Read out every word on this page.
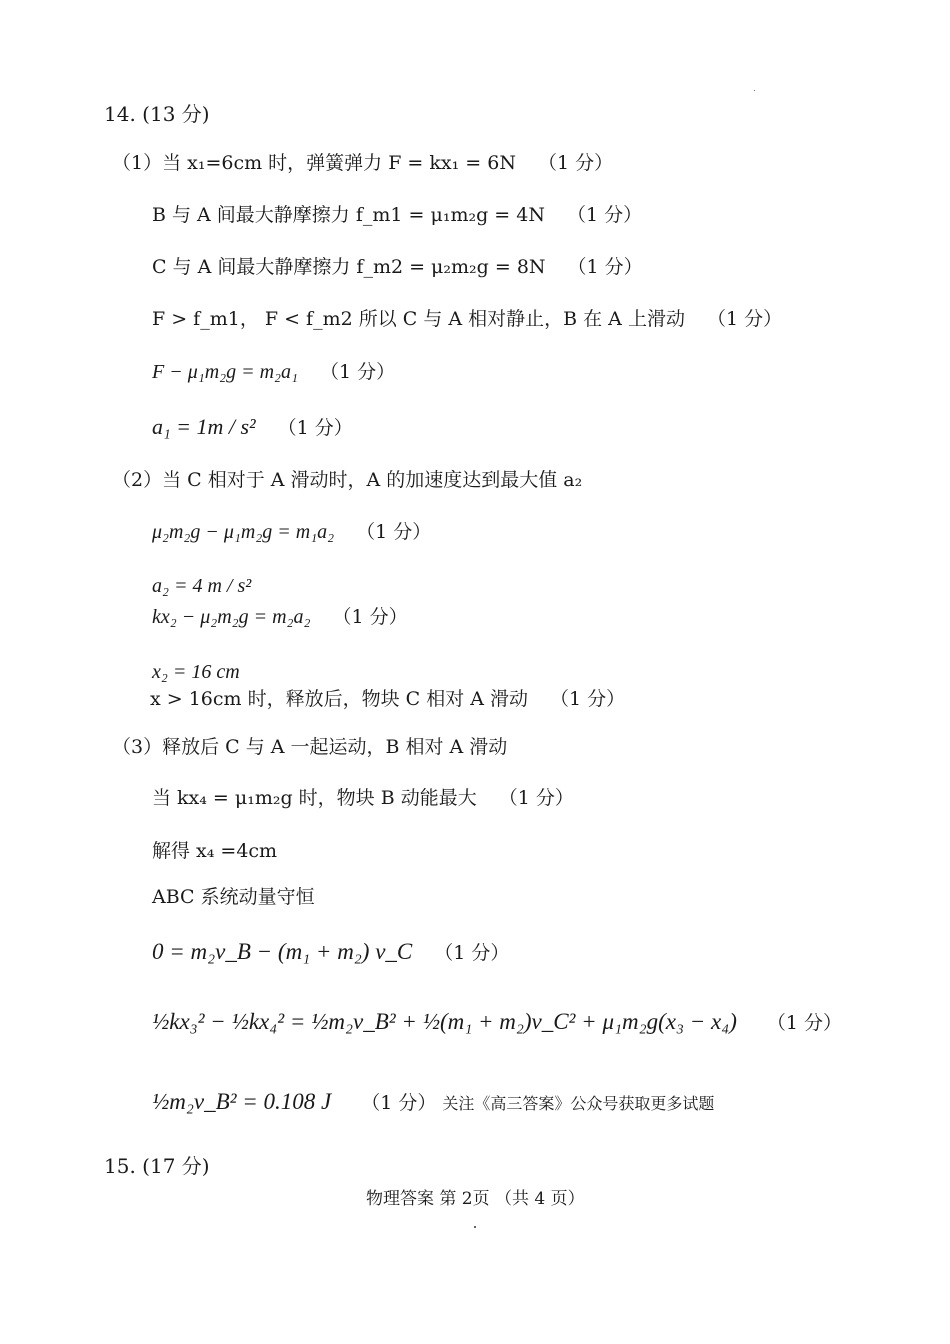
14. (13 分)
（1）当 x₁=6cm 时，弹簧弹力 F = kx₁ = 6N （1 分）
B 与 A 间最大静摩擦力 f_m1 = μ₁m₂g = 4N （1 分）
C 与 A 间最大静摩擦力 f_m2 = μ₂m₂g = 8N （1 分）
F > f_m1， F < f_m2 所以 C 与 A 相对静止，B 在 A 上滑动 （1 分）
F − μ₁m₂g = m₂a₁ （1 分）
a₁ = 1m / s² （1 分）
（2）当 C 相对于 A 滑动时，A 的加速度达到最大值 a₂
μ₂m₂g − μ₁m₂g = m₁a₂ （1 分）
a₂ = 4 m / s²
kx₂ − μ₂m₂g = m₂a₂ （1 分）
x₂ = 16 cm
x > 16cm 时，释放后，物块 C 相对 A 滑动 （1 分）
（3）释放后 C 与 A 一起运动，B 相对 A 滑动
当 kx₄ = μ₁m₂g 时，物块 B 动能最大 （1 分）
解得 x₄ =4cm
ABC 系统动量守恒
0 = m₂v_B − (m₁ + m₂) v_C （1 分）
½kx₃² − ½kx₄² = ½m₂v_B² + ½(m₁ + m₂)v_C² + μ₁m₂g(x₃ − x₄) （1 分）
½m₂v_B² = 0.108 J （1 分） 关注《高三答案》公众号获取更多试题
15. (17 分)
物理答案 第 2页 （共 4 页）
